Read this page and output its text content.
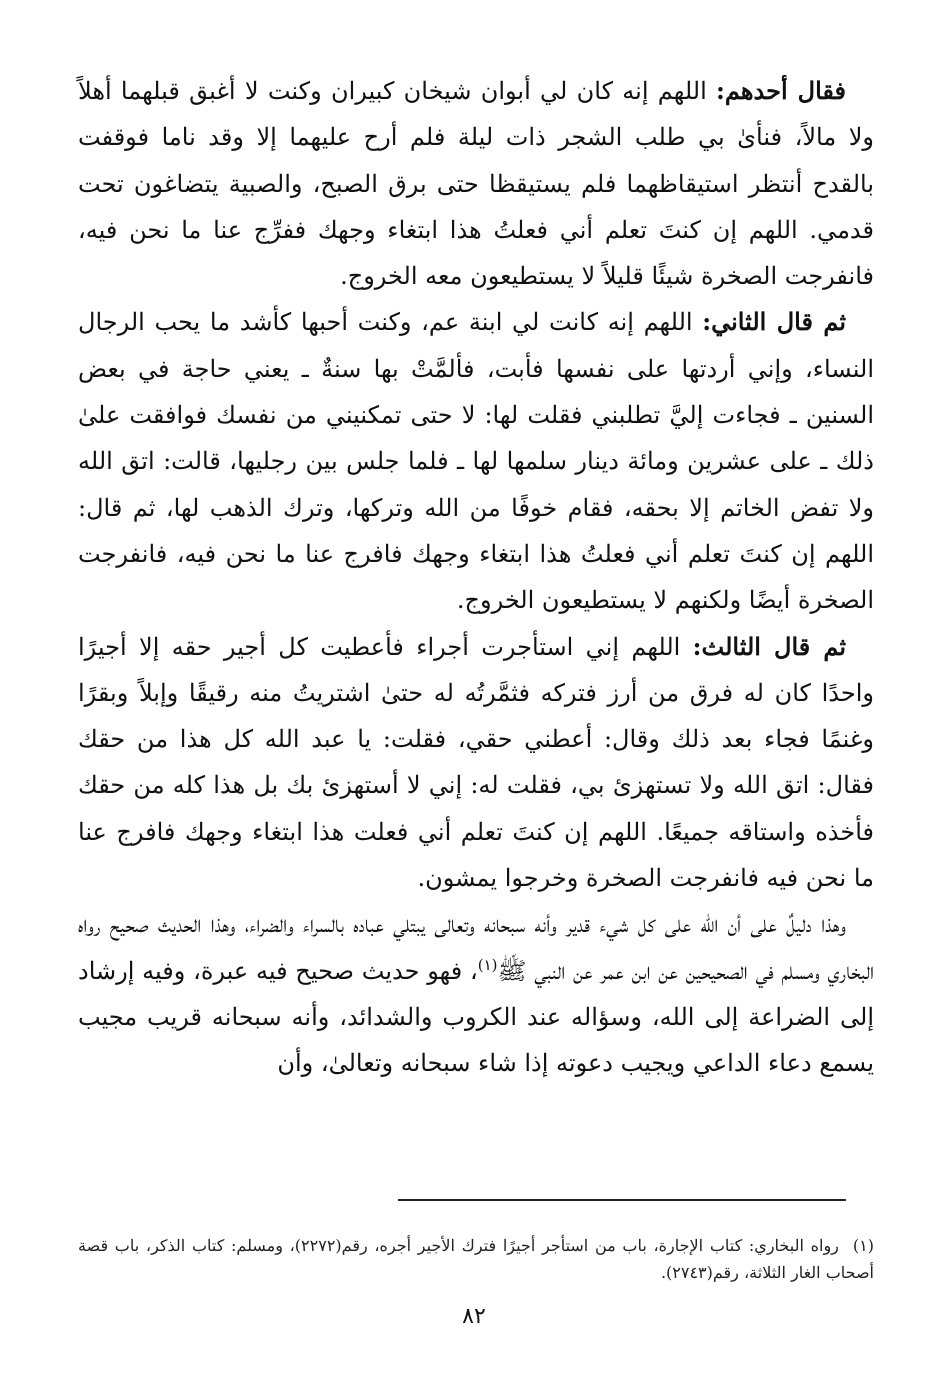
فقال أحدهم: اللهم إنه كان لي أبوان شيخان كبيران وكنت لا أغبق قبلهما أهلاً ولا مالاً، فنأىٰ بي طلب الشجر ذات ليلة فلم أرح عليهما إلا وقد ناما فوقفت بالقدح أنتظر استيقاظهما فلم يستيقظا حتى برق الصبح، والصبية يتضاغون تحت قدمي. اللهم إن كنتَ تعلم أني فعلتُ هذا ابتغاء وجهك ففرِّج عنا ما نحن فيه، فانفرجت الصخرة شيئًا قليلاً لا يستطيعون معه الخروج.

ثم قال الثاني: اللهم إنه كانت لي ابنة عم، وكنت أحبها كأشد ما يحب الرجال النساء، وإني أردتها على نفسها فأبت، فألمَّتْ بها سنةٌ ـ يعني حاجة في بعض السنين ـ فجاءت إليَّ تطلبني فقلت لها: لا حتى تمكنيني من نفسك فوافقت علىٰ ذلك ـ على عشرين ومائة دينار سلمها لها ـ فلما جلس بين رجليها، قالت: اتق الله ولا تفض الخاتم إلا بحقه، فقام خوفًا من الله وتركها، وترك الذهب لها، ثم قال: اللهم إن كنتَ تعلم أني فعلتُ هذا ابتغاء وجهك فافرج عنا ما نحن فيه، فانفرجت الصخرة أيضًا ولكنهم لا يستطيعون الخروج.

ثم قال الثالث: اللهم إني استأجرت أجراء فأعطيت كل أجير حقه إلا أجيرًا واحدًا كان له فرق من أرز فتركه فثمَّرتُه له حتىٰ اشتريتُ منه رقيقًا وإبلاً وبقرًا وغنمًا فجاء بعد ذلك وقال: أعطني حقي، فقلت: يا عبد الله كل هذا من حقك فقال: اتق الله ولا تستهزئ بي، فقلت له: إني لا أستهزئ بك بل هذا كله من حقك فأخذه واستاقه جميعًا. اللهم إن كنتَ تعلم أني فعلت هذا ابتغاء وجهك فافرج عنا ما نحن فيه فانفرجت الصخرة وخرجوا يمشون.

وهذا دليلٌ على أن الله على كل شيء قدير وأنه سبحانه وتعالى يبتلي عباده بالسراء والضراء، وهذا الحديث صحيح رواه البخاري ومسلم في الصحيحين عن ابن عمر عن النبي ﷺ$^{(١)}$، فهو حديث صحيح فيه عبرة، وفيه إرشاد إلى الضراعة إلى الله، وسؤاله عند الكروب والشدائد، وأنه سبحانه قريب مجيب يسمع دعاء الداعي ويجيب دعوته إذا شاء سبحانه وتعالىٰ، وأن

(١)رواه البخاري: كتاب الإجارة، باب من استأجر أجيرًا فترك الأجير أجره، رقم(٢٢٧٢)، ومسلم: كتاب الذكر، باب قصة أصحاب الغار الثلاثة، رقم(٢٧٤٣).

٨٢
